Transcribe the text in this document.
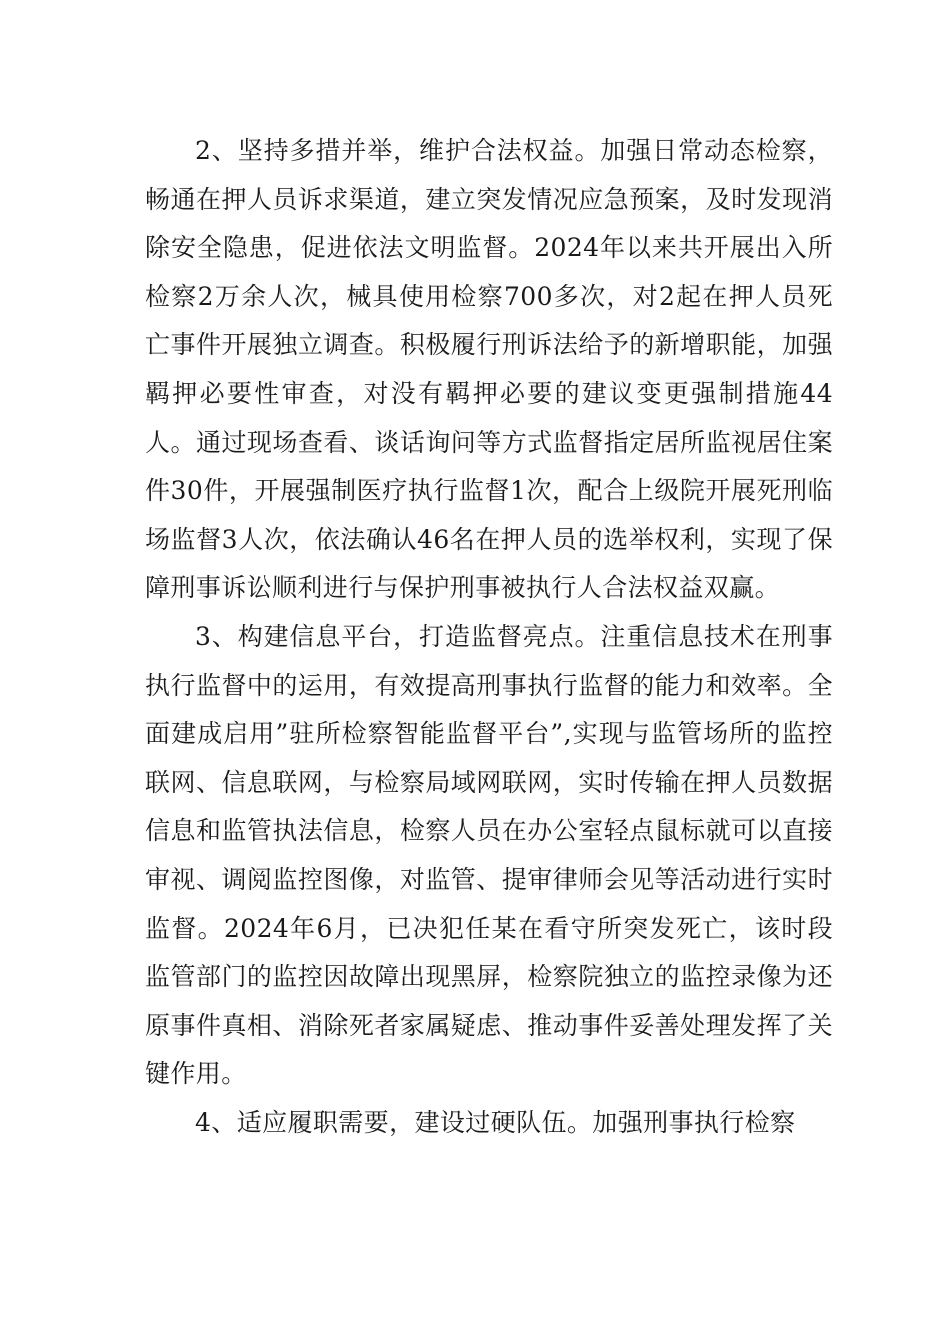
2、坚持多措并举，维护合法权益。加强日常动态检察，畅通在押人员诉求渠道，建立突发情况应急预案，及时发现消除安全隐患，促进依法文明监督。2024年以来共开展出入所检察2万余人次，械具使用检察700多次，对2起在押人员死亡事件开展独立调查。积极履行刑诉法给予的新增职能，加强羁押必要性审查，对没有羁押必要的建议变更强制措施44人。通过现场查看、谈话询问等方式监督指定居所监视居住案件30件，开展强制医疗执行监督1次，配合上级院开展死刑临场监督3人次，依法确认46名在押人员的选举权利，实现了保障刑事诉讼顺利进行与保护刑事被执行人合法权益双赢。

3、构建信息平台，打造监督亮点。注重信息技术在刑事执行监督中的运用，有效提高刑事执行监督的能力和效率。全面建成启用”驻所检察智能监督平台”,实现与监管场所的监控联网、信息联网，与检察局域网联网，实时传输在押人员数据信息和监管执法信息，检察人员在办公室轻点鼠标就可以直接审视、调阅监控图像，对监管、提审律师会见等活动进行实时监督。2024年6月，已决犯任某在看守所突发死亡，该时段监管部门的监控因故障出现黑屏，检察院独立的监控录像为还原事件真相、消除死者家属疑虑、推动事件妥善处理发挥了关键作用。

4、适应履职需要，建设过硬队伍。加强刑事执行检察
